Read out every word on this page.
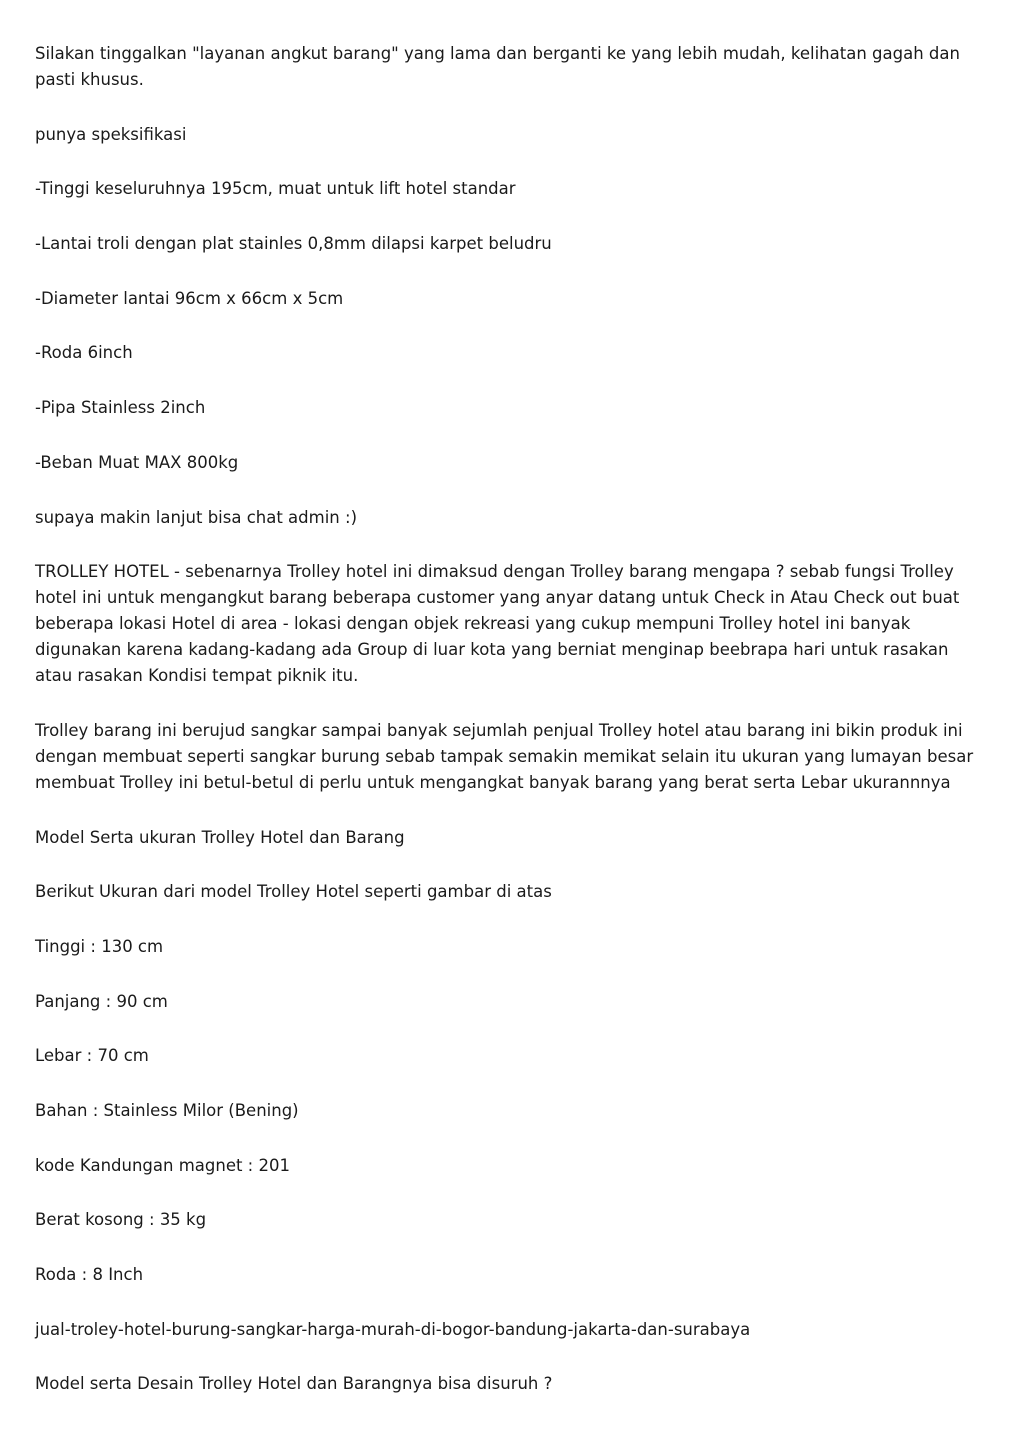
Silakan tinggalkan "layanan angkut barang" yang lama dan berganti ke yang lebih mudah, kelihatan gagah dan pasti khusus.

punya speksifikasi

-Tinggi keseluruhnya 195cm, muat untuk lift hotel standar

-Lantai troli dengan plat stainles 0,8mm dilapsi karpet beludru

-Diameter lantai 96cm x 66cm x 5cm

-Roda 6inch

-Pipa Stainless 2inch

-Beban Muat MAX 800kg

supaya makin lanjut bisa chat admin :)

TROLLEY HOTEL - sebenarnya Trolley hotel ini dimaksud dengan Trolley barang mengapa ? sebab fungsi Trolley hotel ini untuk mengangkut barang beberapa customer yang anyar datang untuk Check in Atau Check out buat beberapa lokasi Hotel di area - lokasi dengan objek rekreasi yang cukup mempuni Trolley hotel ini banyak digunakan karena kadang-kadang ada Group di luar kota yang berniat menginap beebrapa hari untuk rasakan atau rasakan Kondisi tempat piknik itu.

Trolley barang ini berujud sangkar sampai banyak sejumlah penjual Trolley hotel atau barang ini bikin produk ini dengan membuat seperti sangkar burung sebab tampak semakin memikat selain itu ukuran yang lumayan besar membuat Trolley ini betul-betul di perlu untuk mengangkat banyak barang yang berat serta Lebar ukurannnya

Model Serta ukuran Trolley Hotel dan Barang

Berikut Ukuran dari model Trolley Hotel seperti gambar di atas

Tinggi : 130 cm

Panjang : 90 cm

Lebar : 70 cm

Bahan : Stainless Milor (Bening)

kode Kandungan magnet : 201

Berat kosong : 35 kg

Roda : 8 Inch

jual-troley-hotel-burung-sangkar-harga-murah-di-bogor-bandung-jakarta-dan-surabaya

Model serta Desain Trolley Hotel dan Barangnya bisa disuruh ?
